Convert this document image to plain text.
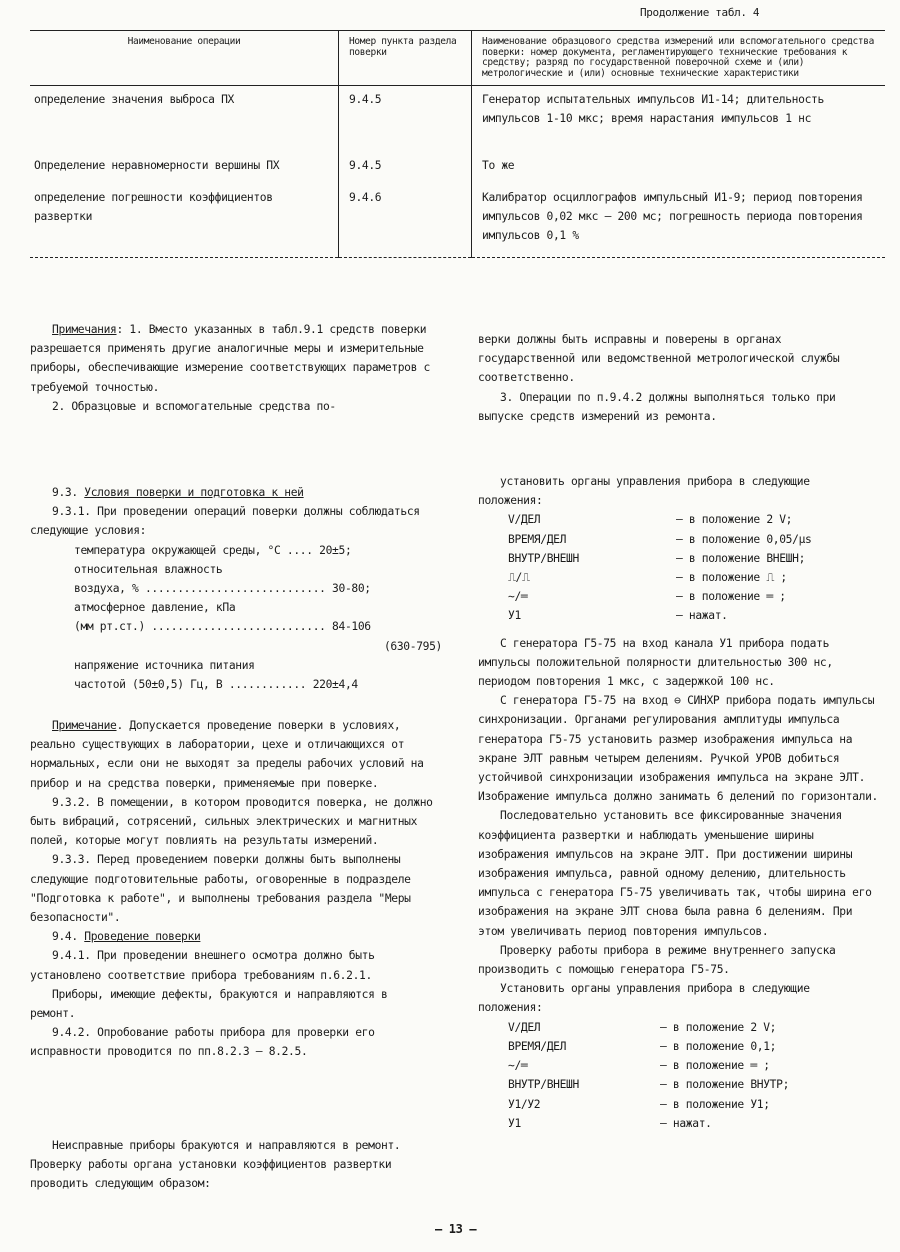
Продолжение табл. 4
Наименование операции	Номер пункта раздела поверки	Наименование образцового средства измерений или вспомогательного средства поверки: номер документа, регламентирующего технические требования к средству; разряд по государственной поверочной схеме и (или) метрологические и (или) основные технические характеристики
определение значения выброса ПХ	9.4.5	Генератор испытательных импульсов И1-14; длительность импульсов 1-10 мкс; время нарастания импульсов 1 нс
Определение неравномерности вершины ПХ	9.4.5	То же
определение погрешности коэффициентов развертки	9.4.6	Калибратор осциллографов импульсный И1-9; период повторения импульсов 0,02 мкс – 200 мс; погрешность периода повторения импульсов 0,1 %

Примечания: 1. Вместо указанных в табл.9.1 средств поверки разрешается применять другие аналогичные меры и измерительные приборы, обеспечивающие измерение соответствующих параметров с требуемой точностью.

2. Образцовые и вспомогательные средства по-

9.3. Условия поверки и подготовка к ней

9.3.1. При проведении операций поверки должны соблюдаться следующие условия:

температура окружающей среды, °С .... 20±5;
относительная влажность
воздуха, % ............................ 30-80;
атмосферное давление, кПа
(мм рт.ст.) ........................... 84-106
(630-795)
напряжение источника питания
частотой (50±0,5) Гц, В ............ 220±4,4

Примечание. Допускается проведение поверки в условиях, реально существующих в лаборатории, цехе и отличающихся от нормальных, если они не выходят за пределы рабочих условий на прибор и на средства поверки, применяемые при поверке.

9.3.2. В помещении, в котором проводится поверка, не должно быть вибраций, сотрясений, сильных электрических и магнитных полей, которые могут повлиять на результаты измерений.

9.3.3. Перед проведением поверки должны быть выполнены следующие подготовительные работы, оговоренные в подразделе "Подготовка к работе", и выполнены требования раздела "Меры безопасности".

9.4. Проведение поверки

9.4.1. При проведении внешнего осмотра должно быть установлено соответствие прибора требованиям п.6.2.1.

Приборы, имеющие дефекты, бракуются и направляются в ремонт.

9.4.2. Опробование работы прибора для проверки его исправности проводится по пп.8.2.3 – 8.2.5.

Неисправные приборы бракуются и направляются в ремонт. Проверку работы органа установки коэффициентов развертки проводить следующим образом:

верки должны быть исправны и поверены в органах государственной или ведомственной метрологической службы соответственно.

3. Операции по п.9.4.2 должны выполняться только при выпуске средств измерений из ремонта.

установить органы управления прибора в следующие положения:

V/ДЕЛ	– в положение 2 V;
ВРЕМЯ/ДЕЛ	– в положение 0,05/μs
ВНУТР/ВНЕШН	– в положение ВНЕШН;
⎍/⎍	– в положение ⎍ ;
∼/═	– в положение ═ ;
У1	– нажат.

С генератора Г5-75 на вход канала У1 прибора подать импульсы положительной полярности длительностью 300 нс, периодом повторения 1 мкс, с задержкой 100 нс.

С генератора Г5-75 на вход ⊖ СИНХР прибора подать импульсы синхронизации. Органами регулирования амплитуды импульса генератора Г5-75 установить размер изображения импульса на экране ЭЛТ равным четырем делениям. Ручкой УРОВ добиться устойчивой синхронизации изображения импульса на экране ЭЛТ. Изображение импульса должно занимать 6 делений по горизонтали.

Последовательно установить все фиксированные значения коэффициента развертки и наблюдать уменьшение ширины изображения импульсов на экране ЭЛТ. При достижении ширины изображения импульса, равной одному делению, длительность импульса с генератора Г5-75 увеличивать так, чтобы ширина его изображения на экране ЭЛТ снова была равна 6 делениям. При этом увеличивать период повторения импульсов.

Проверку работы прибора в режиме внутреннего запуска производить с помощью генератора Г5-75.

Установить органы управления прибора в следующие положения:

V/ДЕЛ	– в положение 2 V;
ВРЕМЯ/ДЕЛ	– в положение 0,1;
∼/═	– в положение ═ ;
ВНУТР/ВНЕШН	– в положение ВНУТР;
У1/У2	– в положение У1;
У1	– нажат.
– 13 –
